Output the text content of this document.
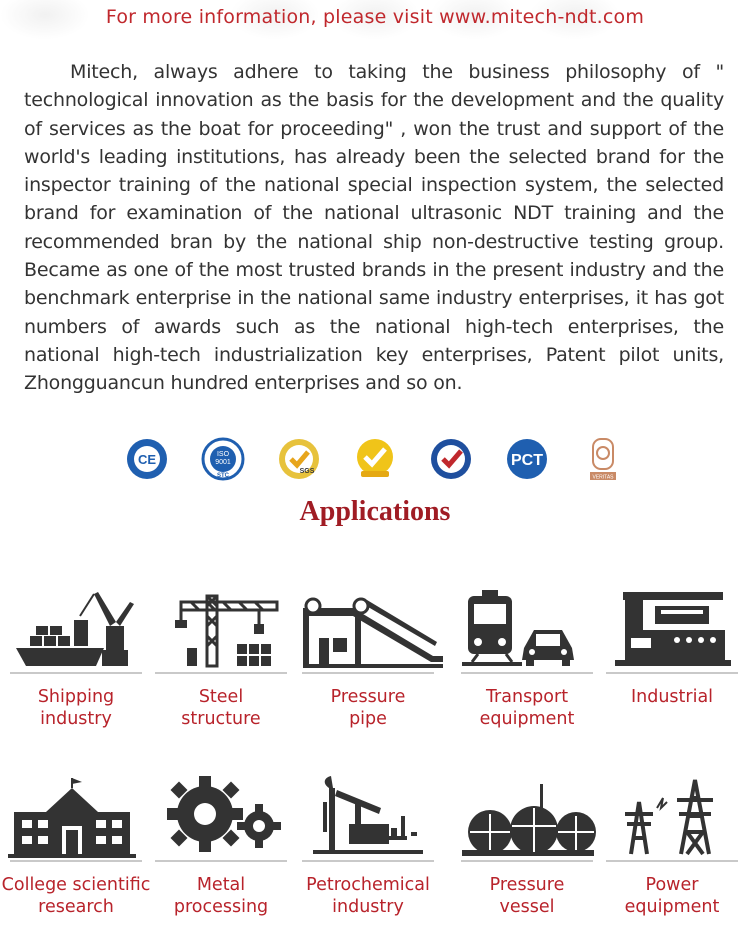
For more information, please visit www.mitech-ndt.com

Mitech, always adhere to taking the business philosophy of " technological innovation as the basis for the development and the quality of services as the boat for proceeding" , won the trust and support of the world's leading institutions, has already been the selected brand for the inspector training of the national special inspection system, the selected brand for examination of the national ultrasonic NDT training and the recommended bran by the national ship non-destructive testing group. Became as one of the most trusted brands in the present industry and the benchmark enterprise in the national same industry enterprises, it has got numbers of awards such as the national high-tech enterprises, the national high-tech industrialization key enterprises, Patent pilot units, Zhongguancun hundred enterprises and so on.

CE	ISO
9001
STC
SGS
PCT
VERITAS
Applications
Shipping
industry
Steel
structure
Pressure
pipe
Transport
equipment
Industrial
College scientific
research
Metal
processing
Petrochemical
industry
Pressure
vessel
Power
equipment
